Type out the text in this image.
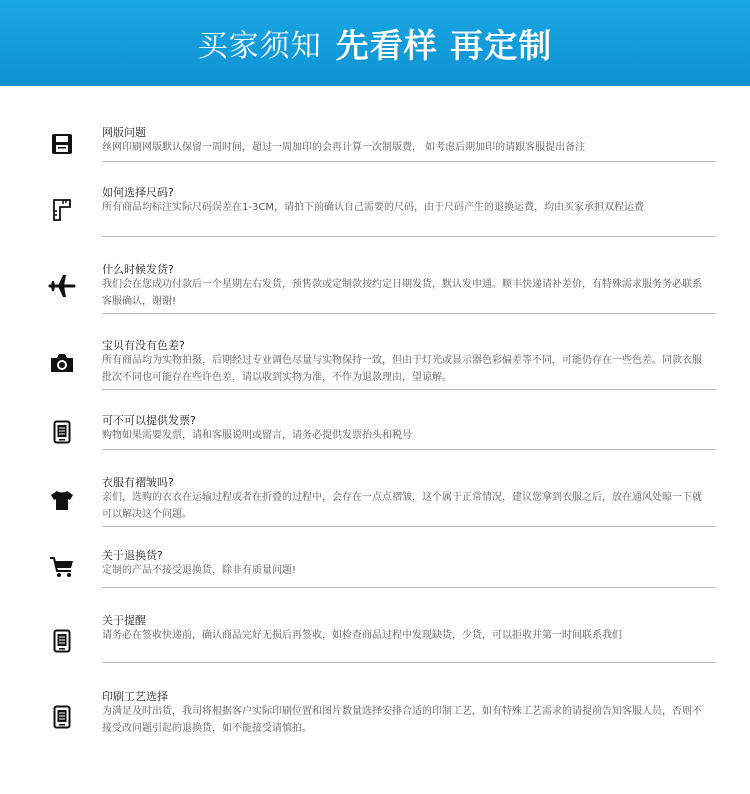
买家须知 先看样 再定制
网版问题
丝网印刷网版默认保留一周时间，超过一周加印的会再计算一次制版费， 如考虑后期加印的请跟客服提出备注
如何选择尺码?
所有商品均标注实际尺码误差在1-3CM，请拍下前确认自己需要的尺码，由于尺码产生的退换运费，均由买家承担双程运费
什么时候发货?
我们会在您成功付款后一个星期左右发货，预售款或定制款按约定日期发货，默认发申通。顺丰快递请补差价，有特殊需求服务务必联系客服确认，谢谢!
宝贝有没有色差?
所有商品均为实物拍摄，后期经过专业调色尽量与实物保持一致，但由于灯光或显示器色彩偏差等不同，可能仍存在一些色差。同款衣服批次不同也可能存在些许色差，请以收到实物为准，不作为退款理由，望谅解。
可不可以提供发票?
购物如果需要发票，请和客服说明或留言，请务必提供发票抬头和税号
衣服有褶皱吗?
亲们，选购的衣衣在运输过程或者在折叠的过程中，会存在一点点褶皱，这个属于正常情况，建议您拿到衣服之后，放在通风处晾一下就可以解决这个问题。
关于退换货?
定制的产品不接受退换货，除非有质量问题!
关于提醒
请务必在签收快递前，确认商品完好无损后再签收，如检查商品过程中发现缺货，少货，可以拒收并第一时间联系我们
印刷工艺选择
为满足及时出货，我司将根据客户实际印刷位置和图片数量选择安排合适的印制工艺，如有特殊工艺需求的请提前告知客服人员，否则不接受改问题引起的退换货，如不能接受请慎拍。
